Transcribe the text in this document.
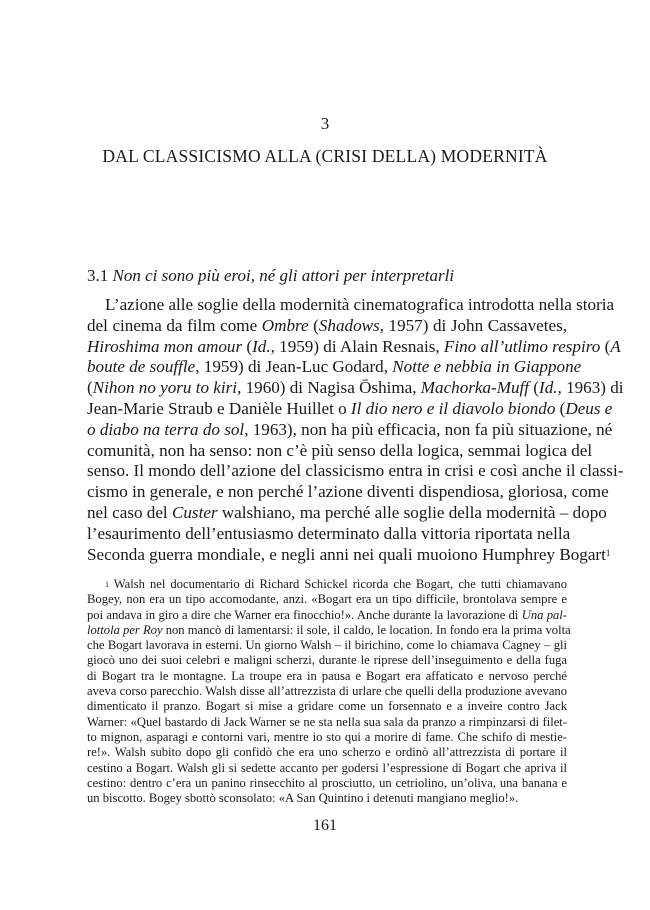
3
DAL CLASSICISMO ALLA (CRISI DELLA) MODERNITÀ
3.1 Non ci sono più eroi, né gli attori per interpretarli
L’azione alle soglie della modernità cinematografica introdotta nella storia
del cinema da film come Ombre (Shadows, 1957) di John Cassavetes,
Hiroshima mon amour (Id., 1959) di Alain Resnais, Fino all’utlimo respiro (A
boute de souffle, 1959) di Jean-Luc Godard, Notte e nebbia in Giappone
(Nihon no yoru to kiri, 1960) di Nagisa Ōshima, Machorka-Muff (Id., 1963) di
Jean-Marie Straub e Danièle Huillet o Il dio nero e il diavolo biondo (Deus e
o diabo na terra do sol, 1963), non ha più efficacia, non fa più situazione, né
comunità, non ha senso: non c’è più senso della logica, semmai logica del
senso. Il mondo dell’azione del classicismo entra in crisi e così anche il classi-
cismo in generale, e non perché l’azione diventi dispendiosa, gloriosa, come
nel caso del Custer walshiano, ma perché alle soglie della modernità – dopo
l’esaurimento dell’entusiasmo determinato dalla vittoria riportata nella
Seconda guerra mondiale, e negli anni nei quali muoiono Humphrey Bogart$^1$
$^1$ Walsh nel documentario di Richard Schickel ricorda che Bogart, che tutti chiamavano
Bogey, non era un tipo accomodante, anzi. «Bogart era un tipo difficile, brontolava sempre e
poi andava in giro a dire che Warner era finocchio!». Anche durante la lavorazione di Una pal-
lottola per Roy non mancò di lamentarsi: il sole, il caldo, le location. In fondo era la prima volta
che Bogart lavorava in esterni. Un giorno Walsh – il birichino, come lo chiamava Cagney – gli
giocò uno dei suoi celebri e maligni scherzi, durante le riprese dell’inseguimento e della fuga
di Bogart tra le montagne. La troupe era in pausa e Bogart era affaticato e nervoso perché
aveva corso parecchio. Walsh disse all’attrezzista di urlare che quelli della produzione avevano
dimenticato il pranzo. Bogart si mise a gridare come un forsennato e a inveire contro Jack
Warner: «Quel bastardo di Jack Warner se ne sta nella sua sala da pranzo a rimpinzarsi di filet-
to mignon, asparagi e contorni vari, mentre io sto qui a morire di fame. Che schifo di mestie-
re!». Walsh subito dopo gli confidò che era uno scherzo e ordinò all’attrezzista di portare il
cestino a Bogart. Walsh gli si sedette accanto per godersi l’espressione di Bogart che apriva il
cestino: dentro c’era un panino rinsecchito al prosciutto, un cetriolino, un’oliva, una banana e
un biscotto. Bogey sbottò sconsolato: «A San Quintino i detenuti mangiano meglio!».
161
